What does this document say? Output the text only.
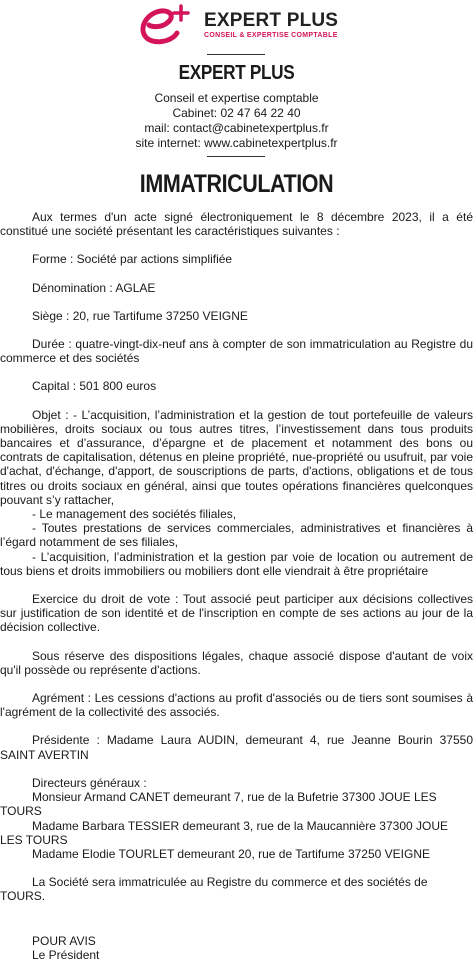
EXPERT PLUS
CONSEIL & EXPERTISE COMPTABLE
EXPERT PLUS
Conseil et expertise comptable
Cabinet: 02 47 64 22 40
mail: contact@cabinetexpertplus.fr
site internet: www.cabinetexpertplus.fr
IMMATRICULATION

Aux termes d'un acte signé électroniquement le 8 décembre 2023, il a été constitué une société présentant les caractéristiques suivantes :

Forme : Société par actions simplifiée

Dénomination : AGLAE

Siège : 20, rue Tartifume 37250 VEIGNE

Durée : quatre-vingt-dix-neuf ans à compter de son immatriculation au Registre du commerce et des sociétés

Capital : 501 800 euros

Objet : - L’acquisition, l’administration et la gestion de tout portefeuille de valeurs mobilières, droits sociaux ou tous autres titres, l’investissement dans tous produits bancaires et d’assurance, d’épargne et de placement et notamment des bons ou contrats de capitalisation, détenus en pleine propriété, nue-propriété ou usufruit, par voie d'achat, d'échange, d'apport, de souscriptions de parts, d'actions, obligations et de tous titres ou droits sociaux en général, ainsi que toutes opérations financières quelconques pouvant s’y rattacher,

- Le management des sociétés filiales,

- Toutes prestations de services commerciales, administratives et financières à l’égard notamment de ses filiales,

- L’acquisition, l’administration et la gestion par voie de location ou autrement de tous biens et droits immobiliers ou mobiliers dont elle viendrait à être propriétaire

Exercice du droit de vote : Tout associé peut participer aux décisions collectives sur justification de son identité et de l'inscription en compte de ses actions au jour de la décision collective.

Sous réserve des dispositions légales, chaque associé dispose d'autant de voix qu'il possède ou représente d'actions.

Agrément : Les cessions d'actions au profit d'associés ou de tiers sont soumises à l'agrément de la collectivité des associés.

Présidente : Madame Laura AUDIN, demeurant 4, rue Jeanne Bourin 37550 SAINT AVERTIN

Directeurs généraux :

Monsieur Armand CANET demeurant 7, rue de la Bufetrie 37300 JOUE LES TOURS

Madame Barbara TESSIER demeurant 3, rue de la Maucannière 37300 JOUE LES TOURS

Madame Elodie TOURLET demeurant 20, rue de Tartifume 37250 VEIGNE

La Société sera immatriculée au Registre du commerce et des sociétés de TOURS.

POUR AVIS

Le Président
